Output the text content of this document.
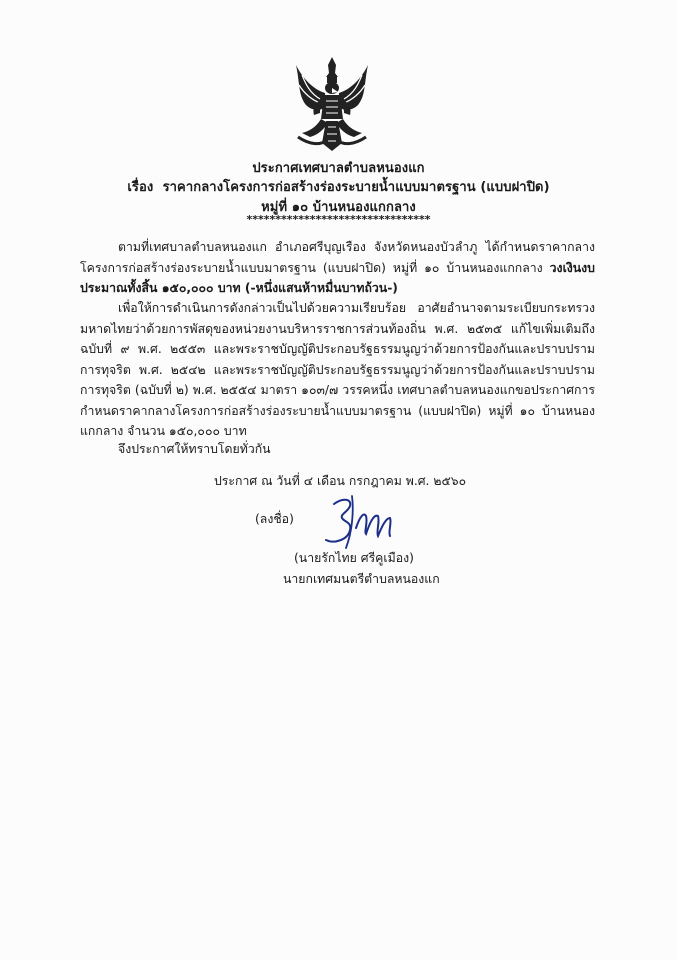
ประกาศเทศบาลตำบลหนองแก
เรื่อง ราคากลางโครงการก่อสร้างร่องระบายน้ำแบบมาตรฐาน (แบบฝาปิด)
หมู่ที่ ๑๐ บ้านหนองแกกลาง
********************************
ตามที่เทศบาลตำบลหนองแก อำเภอศรีบุญเรือง จังหวัดหนองบัวลำภู ได้กำหนดราคากลางโครงการก่อสร้างร่องระบายน้ำแบบมาตรฐาน (แบบฝาปิด) หมู่ที่ ๑๐ บ้านหนองแกกลาง วงเงินงบประมาณทั้งสิ้น ๑๕๐,๐๐๐ บาท (-หนึ่งแสนห้าหมื่นบาทถ้วน-)
เพื่อให้การดำเนินการดังกล่าวเป็นไปด้วยความเรียบร้อย อาศัยอำนาจตามระเบียบกระทรวงมหาดไทยว่าด้วยการพัสดุของหน่วยงานบริหารราชการส่วนท้องถิ่น พ.ศ. ๒๕๓๕ แก้ไขเพิ่มเติมถึง ฉบับที่ ๙ พ.ศ. ๒๕๕๓ และพระราชบัญญัติประกอบรัฐธรรมนูญว่าด้วยการป้องกันและปราบปรามการทุจริต พ.ศ. ๒๕๔๒ และพระราชบัญญัติประกอบรัฐธรรมนูญว่าด้วยการป้องกันและปราบปรามการทุจริต (ฉบับที่ ๒) พ.ศ. ๒๕๕๔ มาตรา ๑๐๓/๗ วรรคหนึ่ง เทศบาลตำบลหนองแกขอประกาศการกำหนดราคากลางโครงการก่อสร้างร่องระบายน้ำแบบมาตรฐาน (แบบฝาปิด) หมู่ที่ ๑๐ บ้านหนองแกกลาง จำนวน ๑๕๐,๐๐๐ บาท
จึงประกาศให้ทราบโดยทั่วกัน
ประกาศ ณ วันที่ ๔ เดือน กรกฎาคม พ.ศ. ๒๕๖๐
(ลงชื่อ)
(นายรักไทย ศรีคูเมือง)
นายกเทศมนตรีตำบลหนองแก
